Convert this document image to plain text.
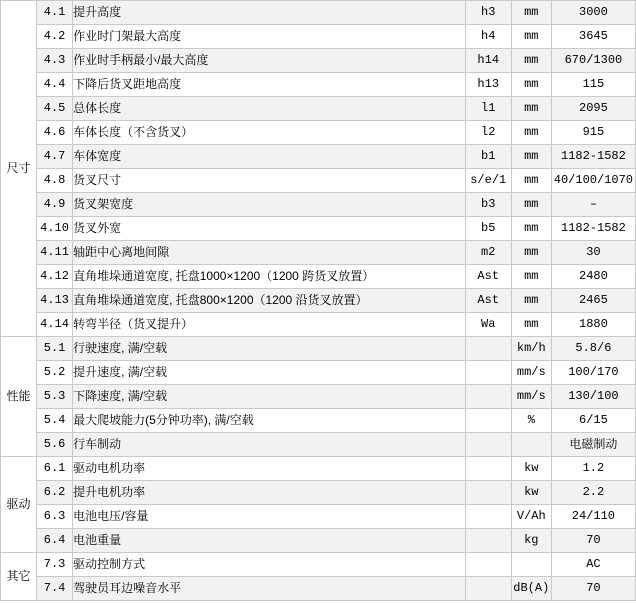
尺寸	4.1	提升高度	h3	mm	3000
	4.2	作业时门架最大高度	h4	mm	3645
	4.3	作业时手柄最小/最大高度	h14	mm	670/1300
	4.4	下降后货叉距地高度	h13	mm	115
	4.5	总体长度	l1	mm	2095
	4.6	车体长度（不含货叉）	l2	mm	915
	4.7	车体宽度	b1	mm	1182-1582
	4.8	货叉尺寸	s/e/1	mm	40/100/1070
	4.9	货叉架宽度	b3	mm	–
	4.10	货叉外宽	b5	mm	1182-1582
	4.11	轴距中心离地间隙	m2	mm	30
	4.12	直角堆垛通道宽度, 托盘1000×1200（1200 跨货叉放置）	Ast	mm	2480
	4.13	直角堆垛通道宽度, 托盘800×1200（1200 沿货叉放置）	Ast	mm	2465
	4.14	转弯半径（货叉提升）	Wa	mm	1880
性能	5.1	行驶速度, 满/空载		km/h	5.8/6
	5.2	提升速度, 满/空载		mm/s	100/170
	5.3	下降速度, 满/空载		mm/s	130/100
	5.4	最大爬坡能力(5分钟功率), 满/空载		%	6/15
	5.6	行车制动			电磁制动
驱动	6.1	驱动电机功率		kw	1.2
	6.2	提升电机功率		kw	2.2
	6.3	电池电压/容量		V/Ah	24/110
	6.4	电池重量		kg	70
其它	7.3	驱动控制方式			AC
	7.4	驾驶员耳边噪音水平		dB(A)	70
